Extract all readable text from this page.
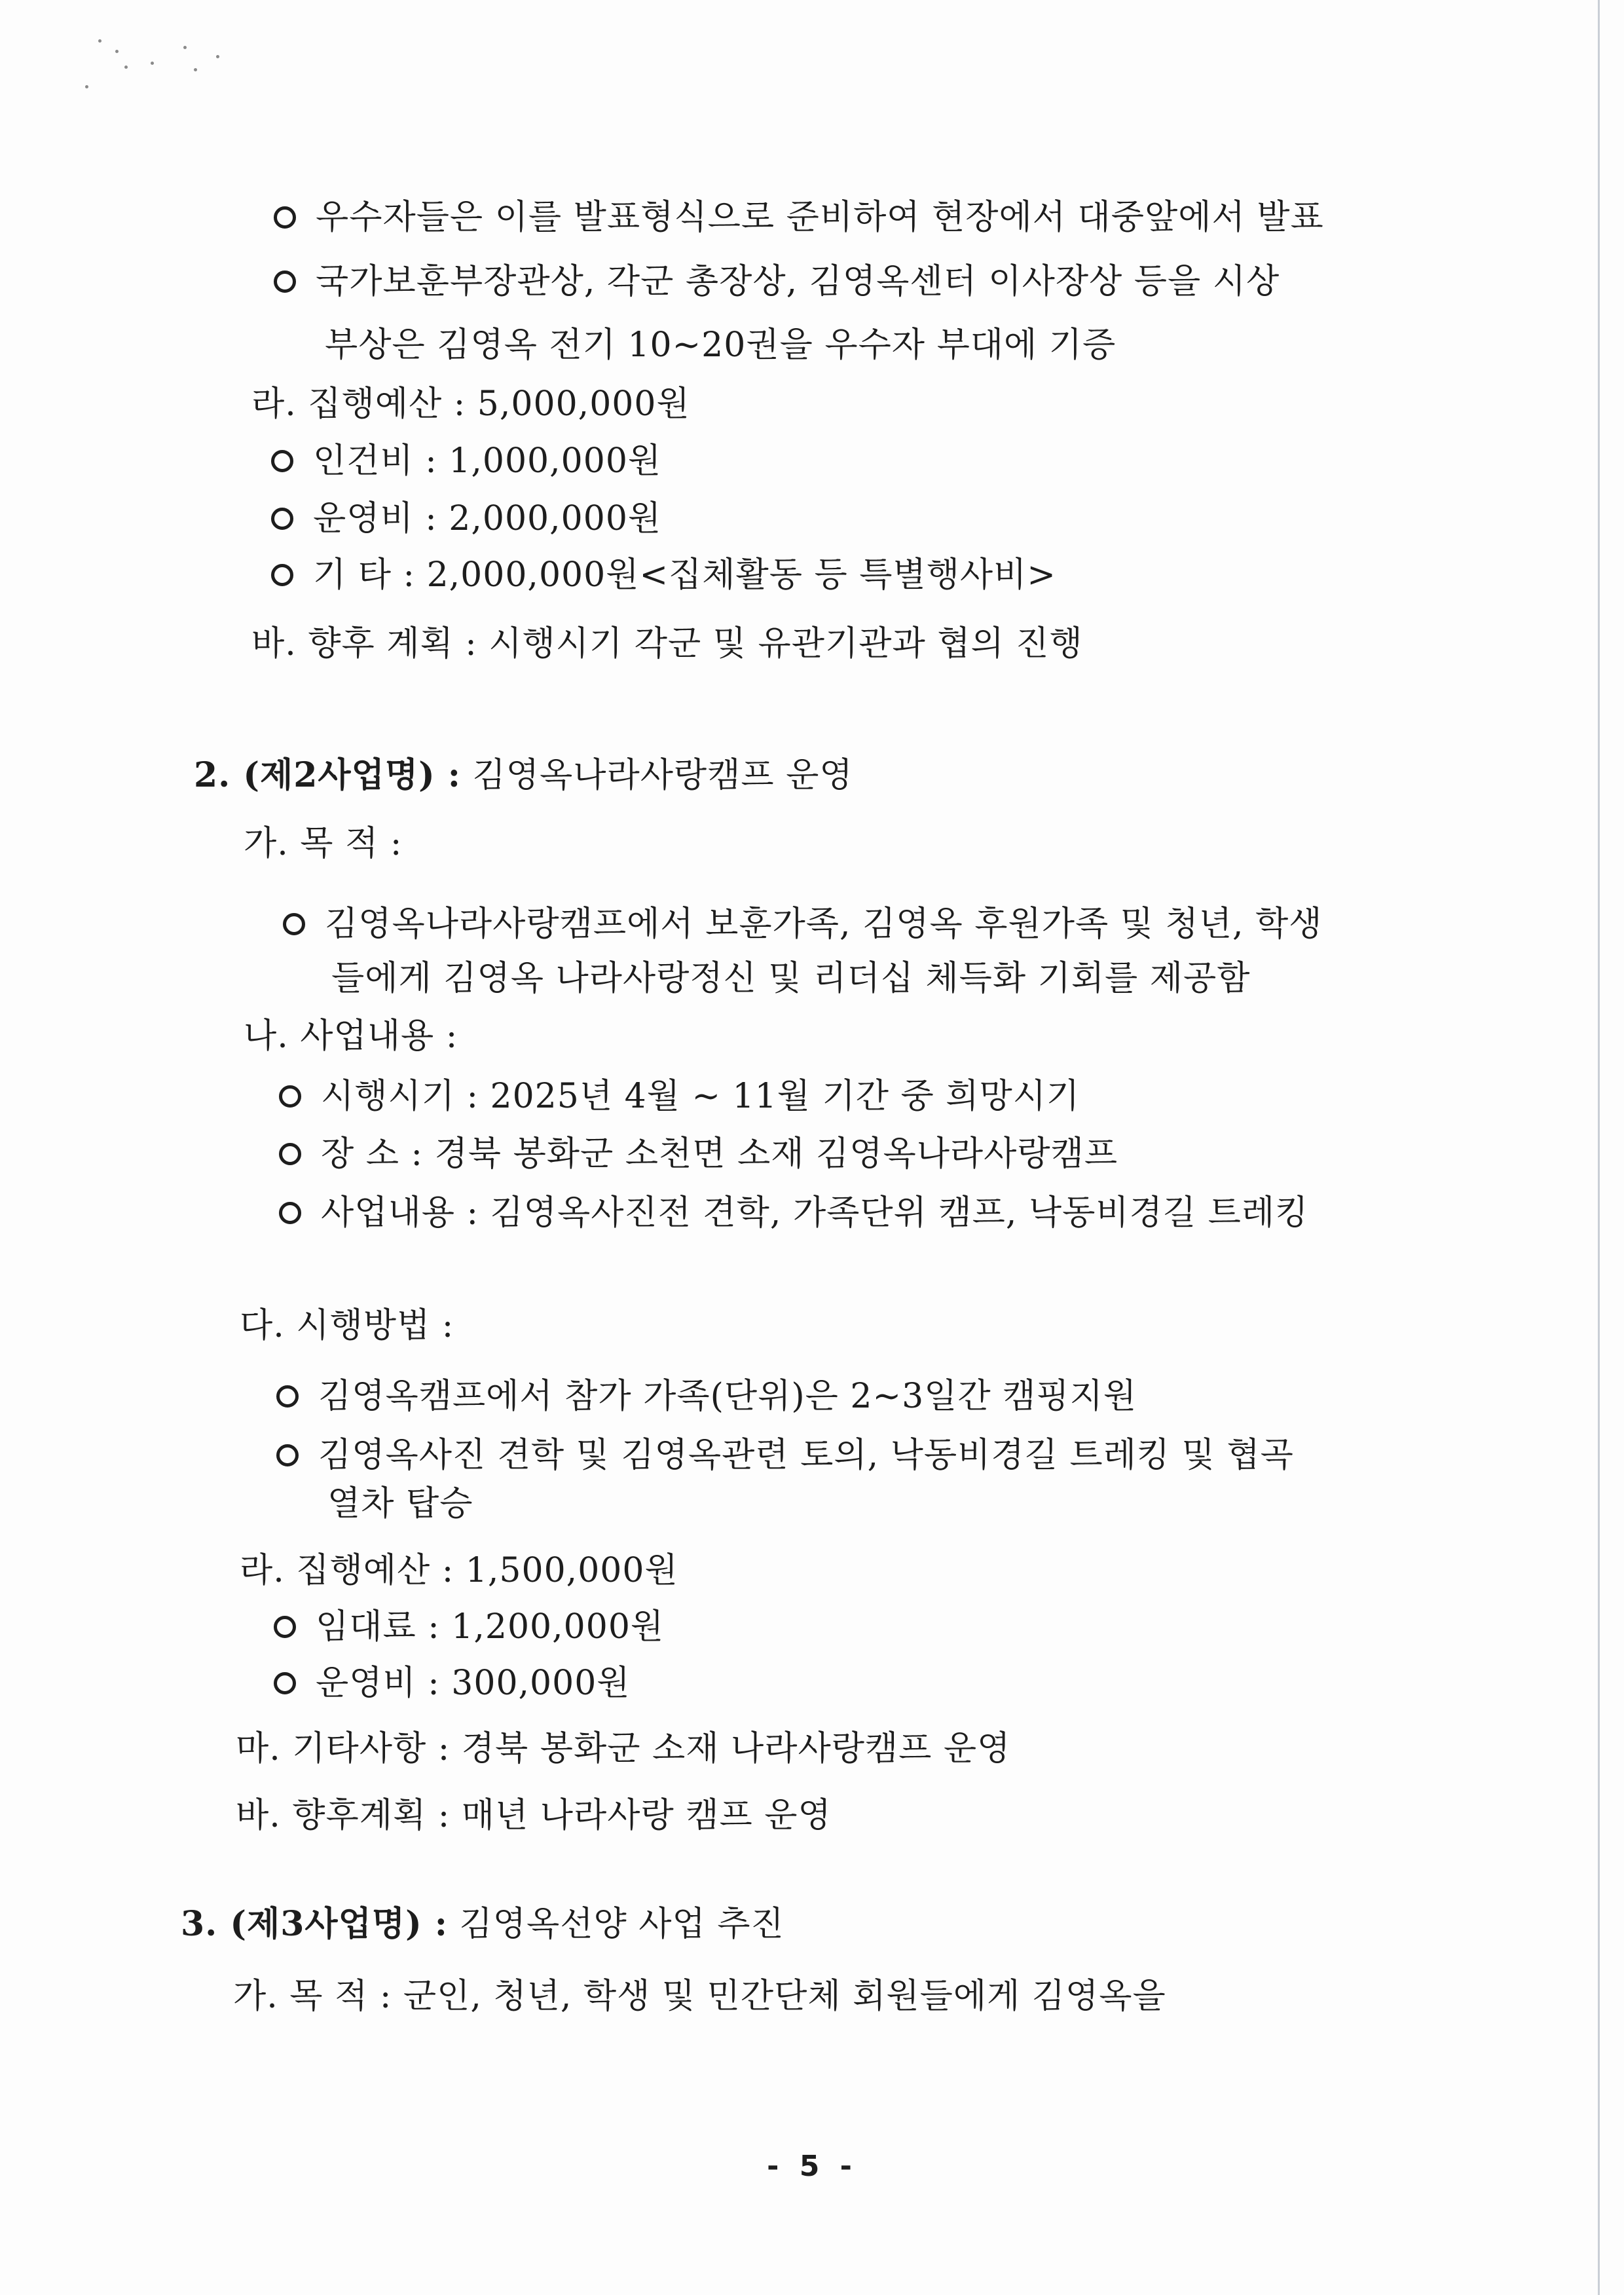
우수자들은 이를 발표형식으로 준비하여 현장에서 대중앞에서 발표
국가보훈부장관상, 각군 총장상, 김영옥센터 이사장상 등을 시상
부상은 김영옥 전기 10~20권을 우수자 부대에 기증
라. 집행예산 : 5,000,000원
인건비 : 1,000,000원
운영비 : 2,000,000원
기 타 : 2,000,000원<집체활동 등 특별행사비>
바. 향후 계획 : 시행시기 각군 및 유관기관과 협의 진행
2. (제2사업명) : 김영옥나라사랑캠프 운영
가. 목 적 :
김영옥나라사랑캠프에서 보훈가족, 김영옥 후원가족 및 청년, 학생
들에게 김영옥 나라사랑정신 및 리더십 체득화 기회를 제공함
나. 사업내용 :
시행시기 : 2025년 4월 ~ 11월 기간 중 희망시기
장 소 : 경북 봉화군 소천면 소재 김영옥나라사랑캠프
사업내용 : 김영옥사진전 견학, 가족단위 캠프, 낙동비경길 트레킹
다. 시행방법 :
김영옥캠프에서 참가 가족(단위)은 2~3일간 캠핑지원
김영옥사진 견학 및 김영옥관련 토의, 낙동비경길 트레킹 및 협곡
열차 탑승
라. 집행예산 : 1,500,000원
임대료 : 1,200,000원
운영비 : 300,000원
마. 기타사항 : 경북 봉화군 소재 나라사랑캠프 운영
바. 향후계획 : 매년 나라사랑 캠프 운영
3. (제3사업명) : 김영옥선양 사업 추진
가. 목 적 : 군인, 청년, 학생 및 민간단체 회원들에게 김영옥을
- 5 -
